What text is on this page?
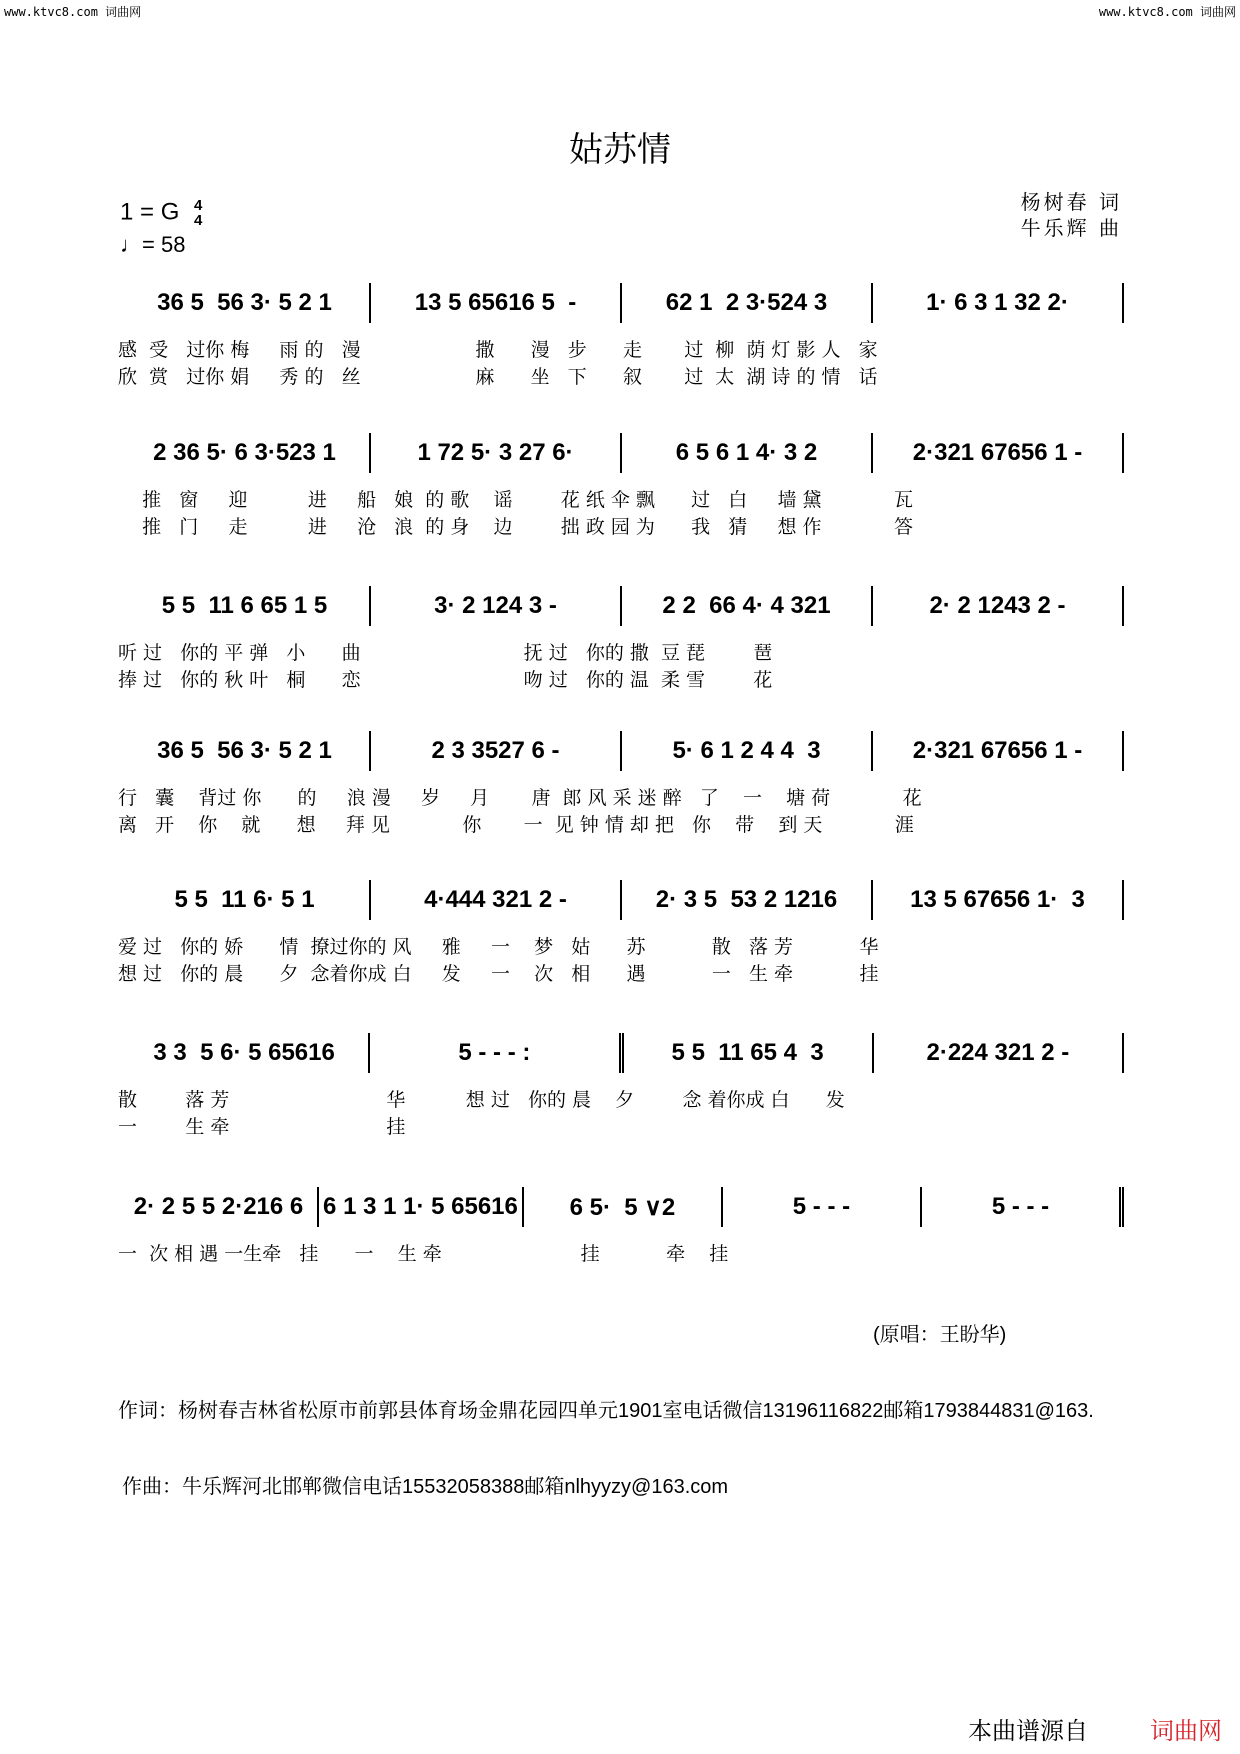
www.ktvc8.com 词曲网	www.ktvc8.com 词曲网
姑苏情
1 = G 4
4
♩= 58
杨树春 词
牛乐辉 曲
36 5  56 3· 5 2 1	13 5 65616 5  -	62 1  2 3·524 3	1· 6 3 1 32 2·
感  受   过你 梅     雨 的   漫                   撒      漫   步      走       过  柳  荫 灯 影 人   家
欣  赏   过你 娟     秀 的   丝                   麻      坐   下      叙       过  太  湖 诗 的 情   话
2 36 5· 6 3·523 1	1 72 5· 3 27 6·	6 5 6 1 4· 3 2	2·321 67656 1 -
推   窗     迎          进     船   娘  的 歌    谣        花 纸 伞 飘      过   白     墙 黛            瓦
推   门     走          进     沧   浪  的 身    边        拙 政 园 为      我   猜     想 作            答
5 5  11 6 65 1 5	3· 2 124 3 -	2 2  66 4· 4 321	2· 2 1243 2 -
听 过   你的 平 弹   小      曲                           抚 过   你的 撒  豆 琵        琶
捧 过   你的 秋 叶   桐      恋                           吻 过   你的 温  柔 雪        花
36 5  56 3· 5 2 1	2 3 3527 6 -	5· 6 1 2 4 4  3	2·321 67656 1 -
行   囊    背过 你      的     浪 漫     岁     月       唐  郎 风 采 迷 醉   了    一    塘 荷            花
离   开    你    就      想     拜 见            你       一  见 钟 情 却 把   你    带    到 天            涯
5 5  11 6· 5 1	4·444 321 2 -	2· 3 5  53 2 1216	13 5 67656 1·  3
爱 过   你的 娇      情  撩过你的 风     雅     一    梦   姑      苏           散   落 芳           华
想 过   你的 晨      夕  念着你成 白     发     一    次   相      遇           一   生 牵           挂
3 3  5 6· 5 65616	5 - - - :	5 5  11 65 4  3	2·224 321 2 -
散        落 芳                          华          想 过   你的 晨    夕        念 着你成 白      发
一        生 牵                          挂
2· 2 5 5 2·216 6 6 1 3 1 1· 5 65616	6 5·  5 ∨2	5 - - -	5 - - -
一  次 相 遇 一生牵   挂      一    生 牵                       挂           牵    挂
(原唱：王盼华)
作词：杨树春吉林省松原市前郭县体育场金鼎花园四单元1901室电话微信13196116822邮箱1793844831@163.
作曲：牛乐辉河北邯郸微信电话15532058388邮箱nlhyyzy@163.com
本曲谱源自	词曲网
